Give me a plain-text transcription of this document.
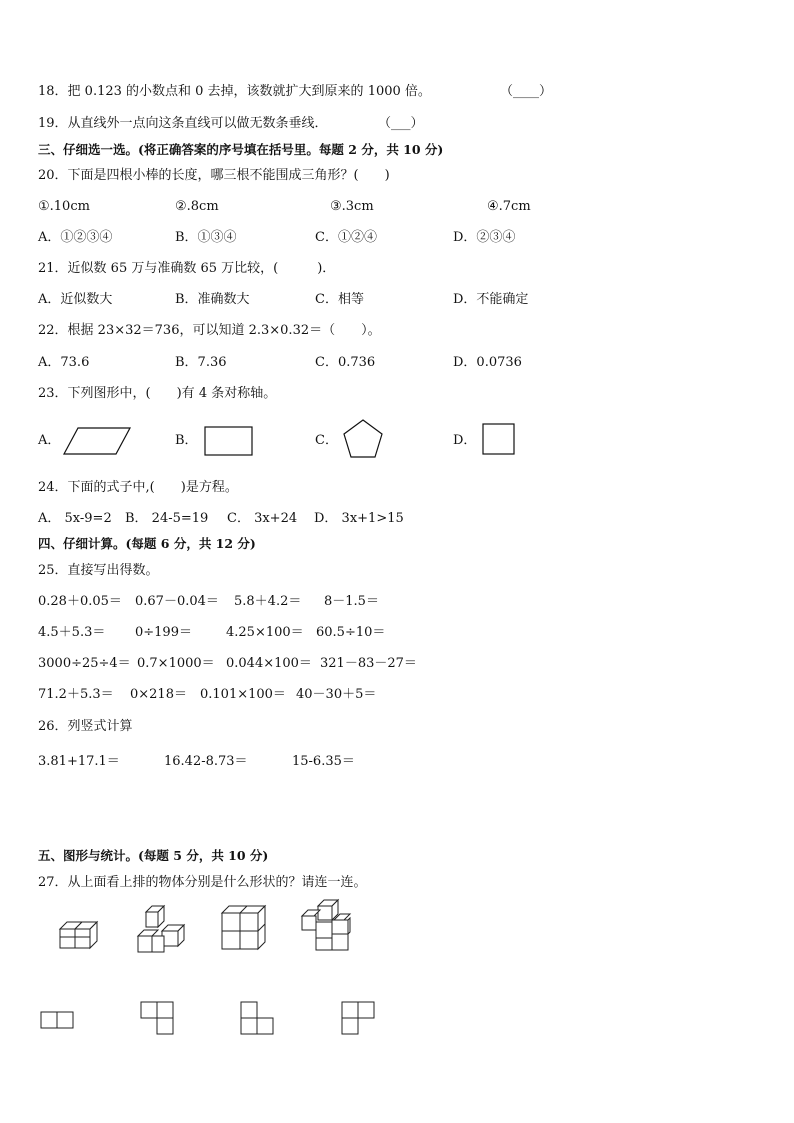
18．把 0.123 的小数点和 0 去掉，该数就扩大到原来的 1000 倍。	（____）
19．从直线外一点向这条直线可以做无数条垂线．	（___）
三、仔细选一选。(将正确答案的序号填在括号里。每题 2 分，共 10 分)
20．下面是四根小棒的长度，哪三根不能围成三角形？(　　)
①.10cm	②.8cm	③.3cm	④.7cm
A．①②③④	B．①③④	C．①②④	D．②③④
21．近似数 65 万与准确数 65 万比较，(　　　)．
A．近似数大	B．准确数大	C．相等	D．不能确定
22．根据 23×32＝736，可以知道 2.3×0.32＝（　　）。
A．73.6	B．7.36	C．0.736	D．0.0736
23．下列图形中，(　　)有 4 条对称轴。
A．	B．	C．	D．
24．下面的式子中,(　　)是方程。
A． 5x-9=2 B． 24-5=19 C． 3x+24 D． 3x+1>15
四、仔细计算。(每题 6 分，共 12 分)
25．直接写出得数。
0.28＋0.05＝ 0.67－0.04＝ 5.8＋4.2＝ 8－1.5＝
4.5＋5.3＝ 0÷199＝	4.25×100＝ 60.5÷10＝
3000÷25÷4＝ 0.7×1000＝ 0.044×100＝ 321－83－27＝
71.2＋5.3＝ 0×218＝ 0.101×100＝ 40－30＋5＝
26．列竖式计算
3.81+17.1＝	16.42-8.73＝	15-6.35＝
五、图形与统计。(每题 5 分，共 10 分)
27．从上面看上排的物体分别是什么形状的？请连一连。
